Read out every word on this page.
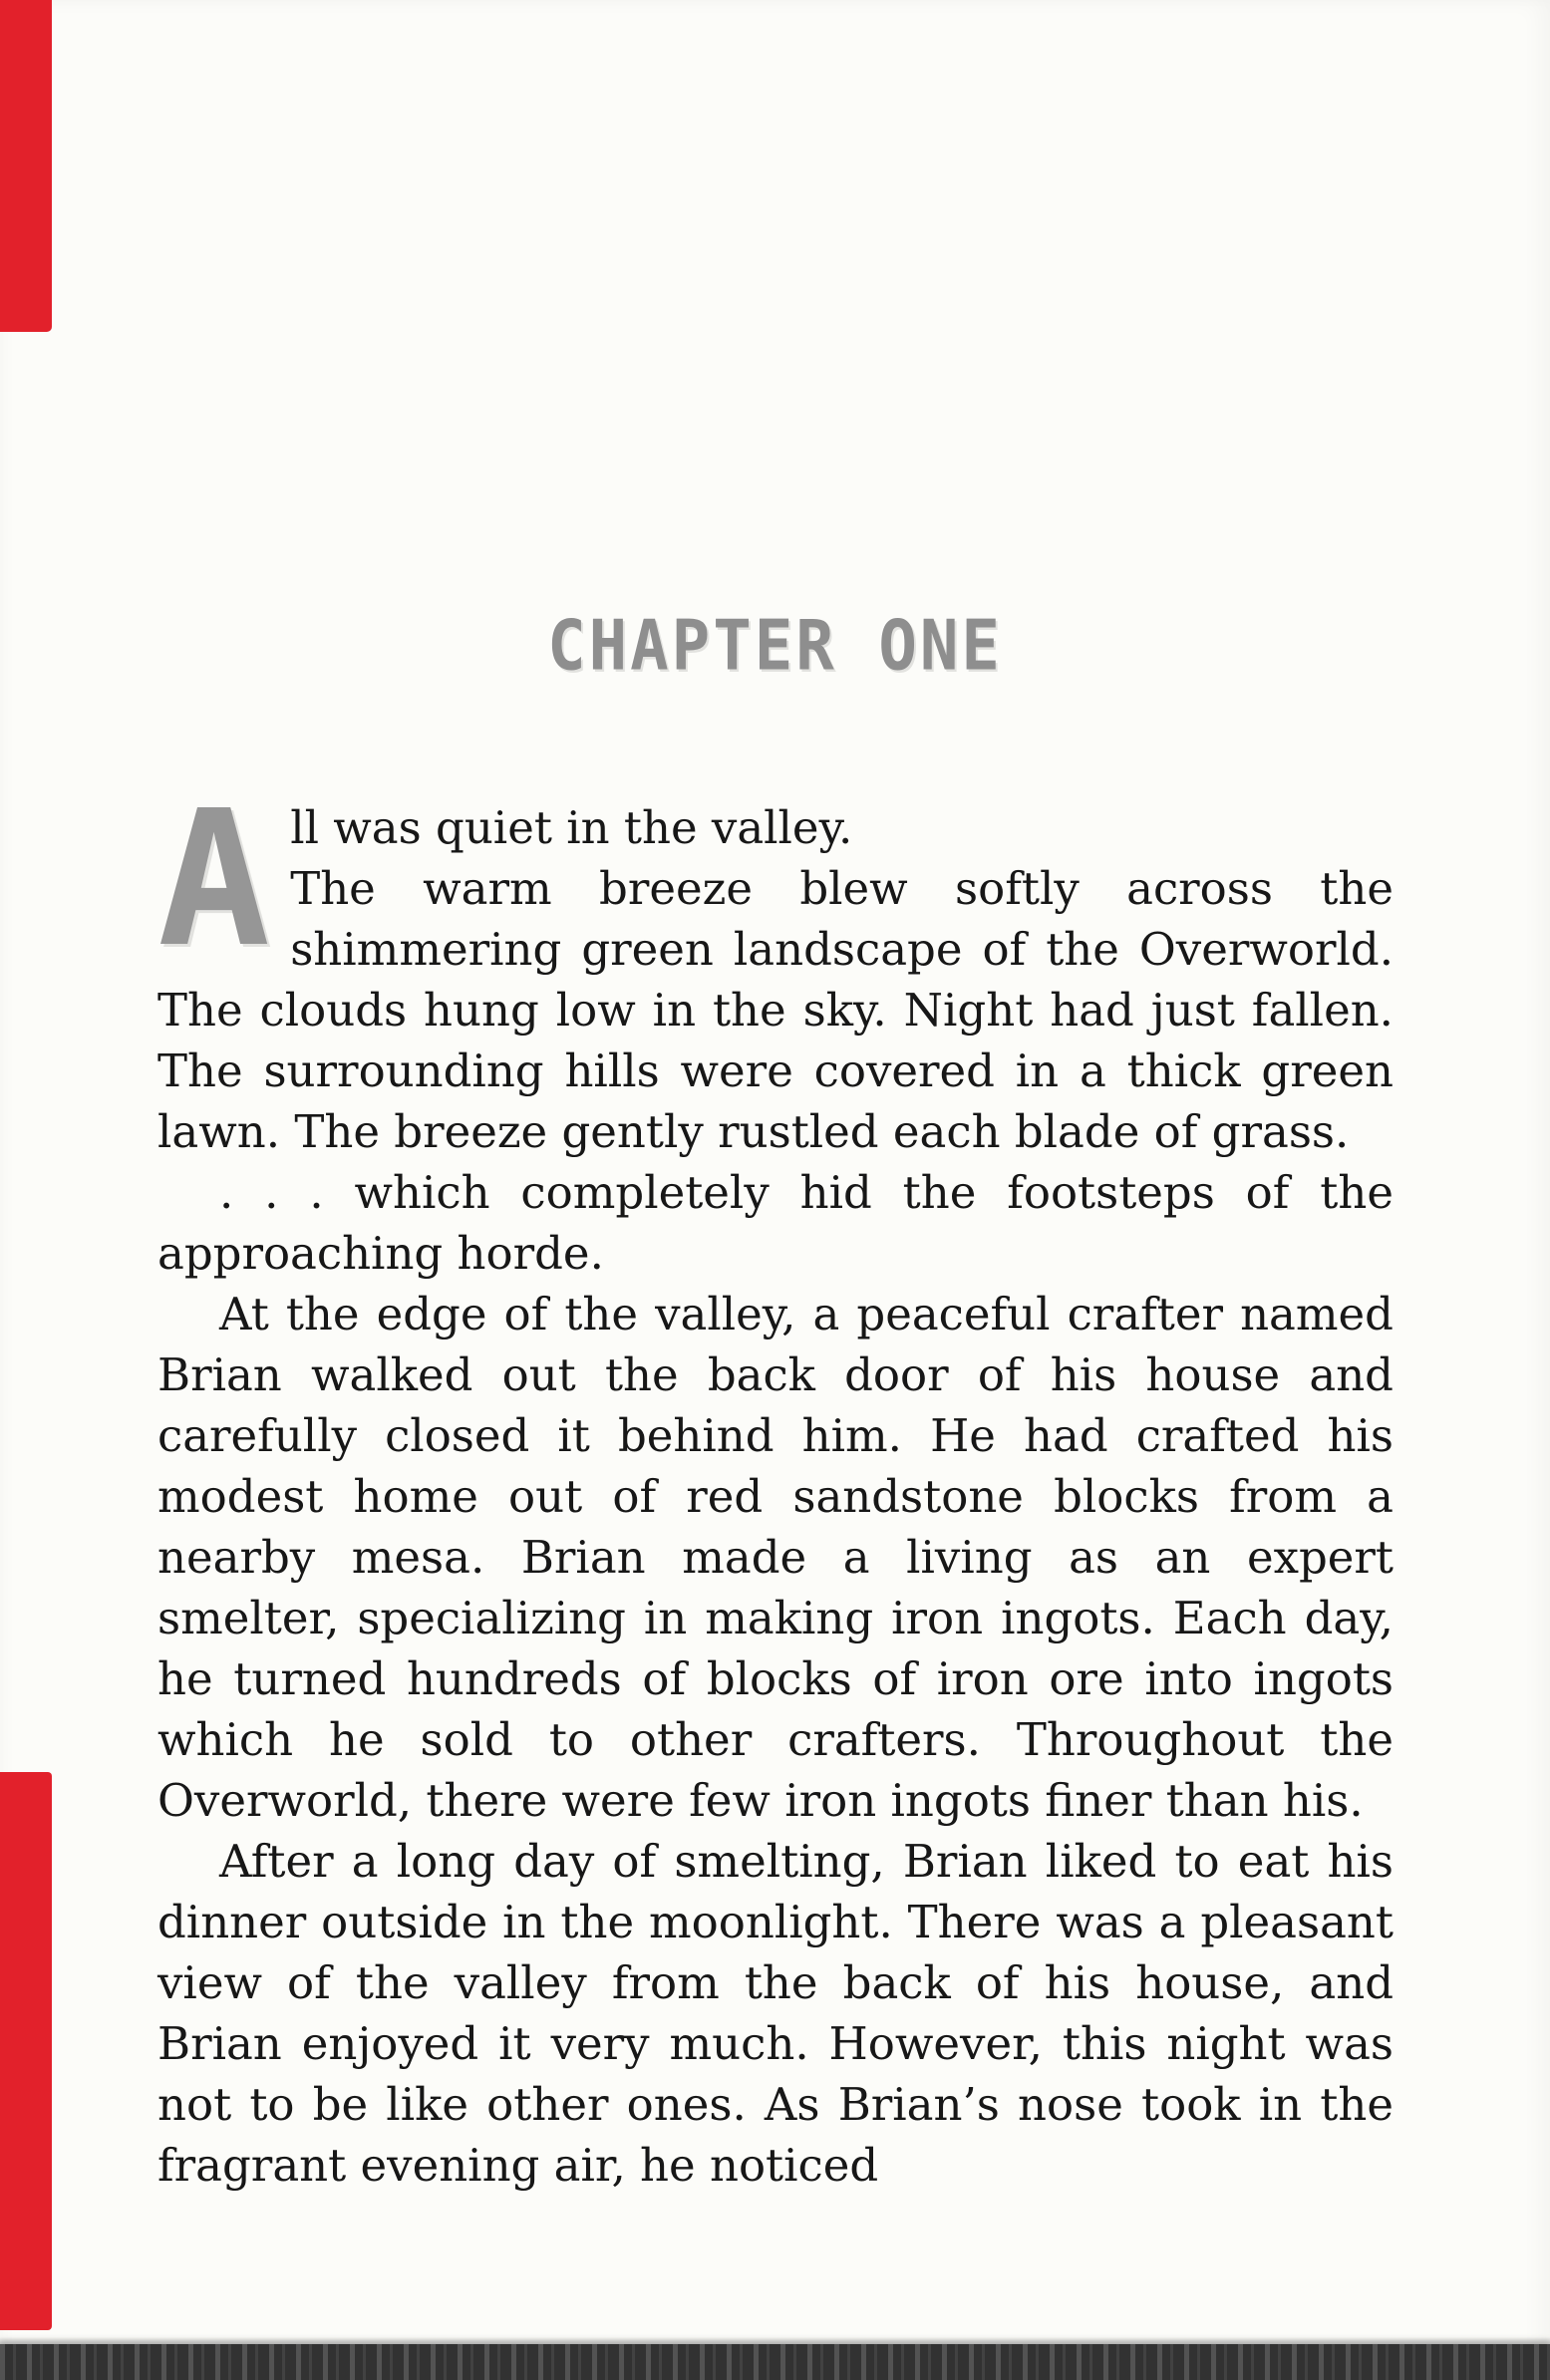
CHAPTER ONE

A ll was quiet in the valley.
The warm breeze blew softly across the shimmering green landscape of the Overworld. The clouds hung low in the sky. Night had just fallen. The surrounding hills were covered in a thick green lawn. The breeze gently rustled each blade of grass.

. . . which completely hid the footsteps of the approaching horde.

At the edge of the valley, a peaceful crafter named Brian walked out the back door of his house and carefully closed it behind him. He had crafted his modest home out of red sandstone blocks from a nearby mesa. Brian made a living as an expert smelter, specializing in making iron ingots. Each day, he turned hundreds of blocks of iron ore into ingots which he sold to other crafters. Throughout the Overworld, there were few iron ingots finer than his.

After a long day of smelting, Brian liked to eat his dinner outside in the moonlight. There was a pleasant view of the valley from the back of his house, and Brian enjoyed it very much. However, this night was not to be like other ones. As Brian’s nose took in the fragrant evening air, he noticed
